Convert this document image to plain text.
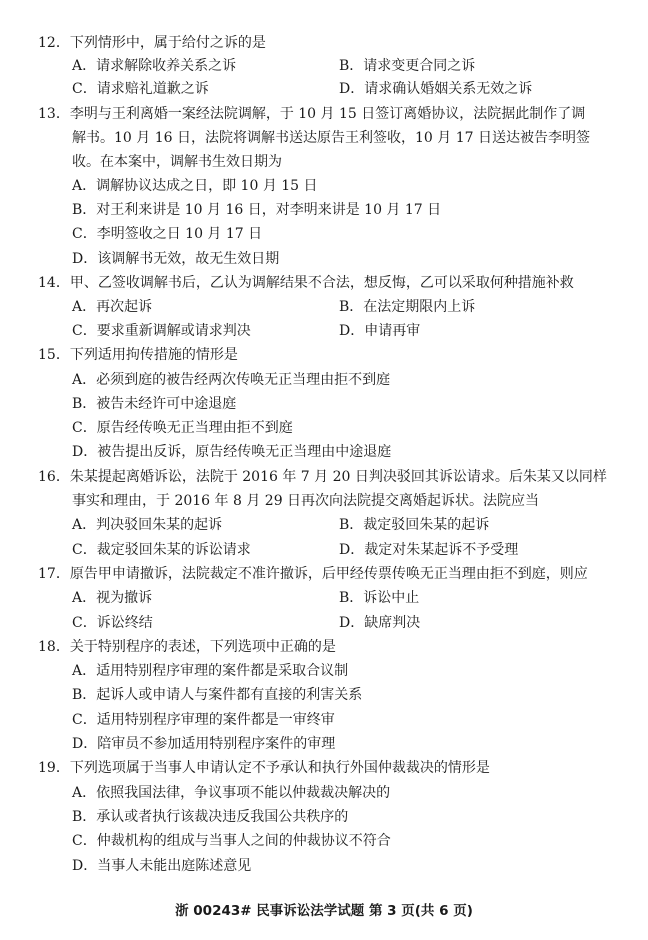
12．下列情形中，属于给付之诉的是
A．请求解除收养关系之诉	B．请求变更合同之诉
C．请求赔礼道歉之诉	D．请求确认婚姻关系无效之诉
13．李明与王利离婚一案经法院调解，于 10 月 15 日签订离婚协议，法院据此制作了调
解书。10 月 16 日，法院将调解书送达原告王利签收，10 月 17 日送达被告李明签
收。在本案中，调解书生效日期为
A．调解协议达成之日，即 10 月 15 日
B．对王利来讲是 10 月 16 日，对李明来讲是 10 月 17 日
C．李明签收之日 10 月 17 日
D．该调解书无效，故无生效日期
14．甲、乙签收调解书后，乙认为调解结果不合法，想反悔，乙可以采取何种措施补救
A．再次起诉	B．在法定期限内上诉
C．要求重新调解或请求判决	D．申请再审
15．下列适用拘传措施的情形是
A．必须到庭的被告经两次传唤无正当理由拒不到庭
B．被告未经许可中途退庭
C．原告经传唤无正当理由拒不到庭
D．被告提出反诉，原告经传唤无正当理由中途退庭
16．朱某提起离婚诉讼，法院于 2016 年 7 月 20 日判决驳回其诉讼请求。后朱某又以同样
事实和理由，于 2016 年 8 月 29 日再次向法院提交离婚起诉状。法院应当
A．判决驳回朱某的起诉	B．裁定驳回朱某的起诉
C．裁定驳回朱某的诉讼请求	D．裁定对朱某起诉不予受理
17．原告甲申请撤诉，法院裁定不准许撤诉，后甲经传票传唤无正当理由拒不到庭，则应
A．视为撤诉	B．诉讼中止
C．诉讼终结	D．缺席判决
18．关于特别程序的表述，下列选项中正确的是
A．适用特别程序审理的案件都是采取合议制
B．起诉人或申请人与案件都有直接的利害关系
C．适用特别程序审理的案件都是一审终审
D．陪审员不参加适用特别程序案件的审理
19．下列选项属于当事人申请认定不予承认和执行外国仲裁裁决的情形是
A．依照我国法律，争议事项不能以仲裁裁决解决的
B．承认或者执行该裁决违反我国公共秩序的
C．仲裁机构的组成与当事人之间的仲裁协议不符合
D．当事人未能出庭陈述意见
浙 00243# 民事诉讼法学试题 第 3 页(共 6 页)
